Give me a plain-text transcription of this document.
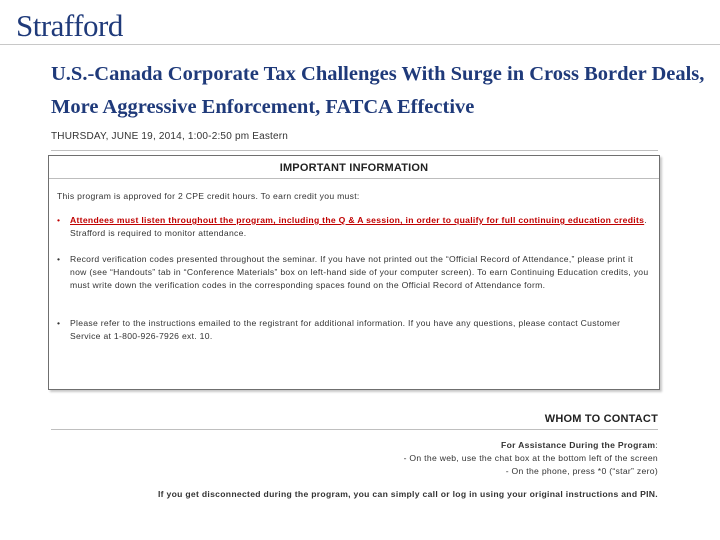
Strafford
U.S.-Canada Corporate Tax Challenges With Surge in Cross Border Deals, More Aggressive Enforcement, FATCA Effective
THURSDAY, JUNE 19, 2014, 1:00-2:50 pm Eastern
IMPORTANT INFORMATION
This program is approved for 2 CPE credit hours. To earn credit you must:
• Attendees must listen throughout the program, including the Q & A session, in order to qualify for full continuing education credits. Strafford is required to monitor attendance.
• Record verification codes presented throughout the seminar. If you have not printed out the “Official Record of Attendance,” please print it now (see “Handouts” tab in “Conference Materials” box on left-hand side of your computer screen). To earn Continuing Education credits, you must write down the verification codes in the corresponding spaces found on the Official Record of Attendance form.
• Please refer to the instructions emailed to the registrant for additional information. If you have any questions, please contact Customer Service at 1-800-926-7926 ext. 10.
WHOM TO CONTACT
For Assistance During the Program:
- On the web, use the chat box at the bottom left of the screen
- On the phone, press *0 (“star” zero)
If you get disconnected during the program, you can simply call or log in using your original instructions and PIN.
